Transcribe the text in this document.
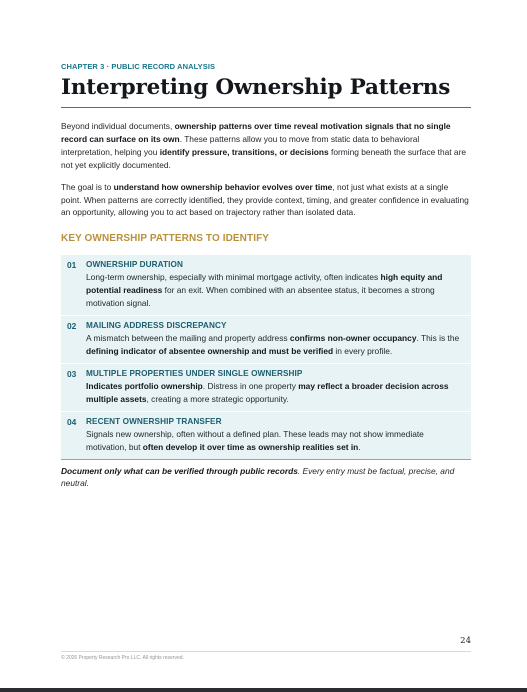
CHAPTER 3 · PUBLIC RECORD ANALYSIS

Interpreting Ownership Patterns

Beyond individual documents, ownership patterns over time reveal motivation signals that no single record can surface on its own. These patterns allow you to move from static data to behavioral interpretation, helping you identify pressure, transitions, or decisions forming beneath the surface that are not yet explicitly documented.

The goal is to understand how ownership behavior evolves over time, not just what exists at a single point. When patterns are correctly identified, they provide context, timing, and greater confidence in evaluating an opportunity, allowing you to act based on trajectory rather than isolated data.

KEY OWNERSHIP PATTERNS TO IDENTIFY
01	OWNERSHIP DURATION

Long-term ownership, especially with minimal mortgage activity, often indicates high equity and potential readiness for an exit. When combined with an absentee status, it becomes a strong motivation signal.

02	MAILING ADDRESS DISCREPANCY

A mismatch between the mailing and property address confirms non-owner occupancy. This is the defining indicator of absentee ownership and must be verified in every profile.

03	MULTIPLE PROPERTIES UNDER SINGLE OWNERSHIP

Indicates portfolio ownership. Distress in one property may reflect a broader decision across multiple assets, creating a more strategic opportunity.

04	RECENT OWNERSHIP TRANSFER

Signals new ownership, often without a defined plan. These leads may not show immediate motivation, but often develop it over time as ownership realities set in.

Document only what can be verified through public records. Every entry must be factual, precise, and neutral.

24
© 2026 Property Research Pro LLC. All rights reserved.
